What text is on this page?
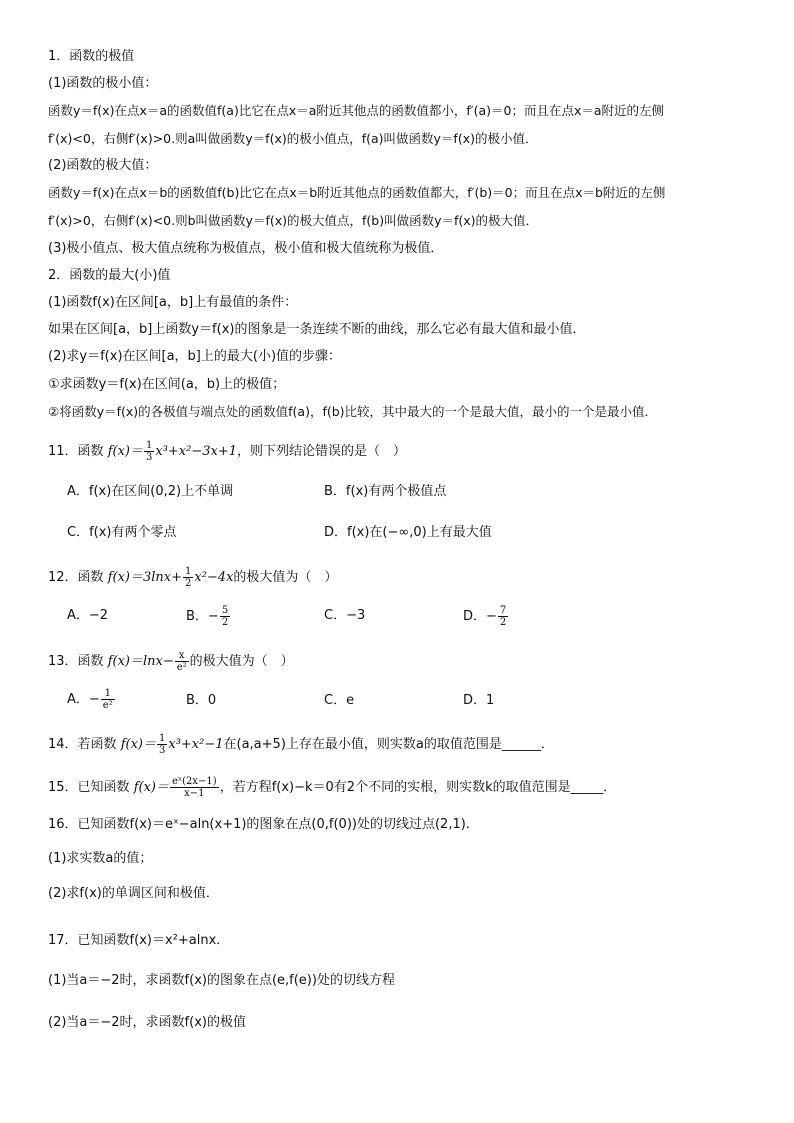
1．函数的极值
(1)函数的极小值：
函数y＝f(x)在点x＝a的函数值f(a)比它在点x＝a附近其他点的函数值都小，f′(a)＝0；而且在点x＝a附近的左侧
f′(x)<0，右侧f′(x)>0.则a叫做函数y＝f(x)的极小值点，f(a)叫做函数y＝f(x)的极小值．
(2)函数的极大值：
函数y＝f(x)在点x＝b的函数值f(b)比它在点x＝b附近其他点的函数值都大，f′(b)＝0；而且在点x＝b附近的左侧
f′(x)>0，右侧f′(x)<0.则b叫做函数y＝f(x)的极大值点，f(b)叫做函数y＝f(x)的极大值．
(3)极小值点、极大值点统称为极值点，极小值和极大值统称为极值．
2．函数的最大(小)值
(1)函数f(x)在区间[a，b]上有最值的条件：
如果在区间[a，b]上函数y＝f(x)的图象是一条连续不断的曲线，那么它必有最大值和最小值．
(2)求y＝f(x)在区间[a，b]上的最大(小)值的步骤：
①求函数y＝f(x)在区间(a，b)上的极值；
②将函数y＝f(x)的各极值与端点处的函数值f(a)，f(b)比较，其中最大的一个是最大值，最小的一个是最小值．
11．函数 $f(x)= \frac{1}{3} x^3+x^2-3x+1$，则下列结论错误的是（　）
A．f(x)在区间(0,2)上不单调	B．f(x)有两个极值点
C．f(x)有两个零点	D．f(x)在(−∞,0)上有最大值
12．函数 $f(x)=3\ln x+ \frac{1}{2} x^2-4x$的极大值为（　）
A．−2	B．− $\frac{5}{2}$	C．−3	D．− $\frac{7}{2}$
13．函数 $f(x)=\ln x- \frac{x}{\text{e²}}$ 的极大值为（　）
A．− $\frac{1}{\text{e²}}$	B．0	C．e	D．1
14．若函数 $f(x)= \frac{1}{3} x^3+x^2-1$在(a,a+5)上存在最小值，则实数a的取值范围是______．
15．已知函数 $f(x)= \frac{\text{eˣ(2x−1)}}{x-1}$ ，若方程f(x)−k＝0有2个不同的实根，则实数k的取值范围是_____．
16．已知函数f(x)＝eˣ−aln(x+1)的图象在点(0,f(0))处的切线过点(2,1)．
(1)求实数a的值；
(2)求f(x)的单调区间和极值．
17．已知函数f(x)＝x²+alnx．
(1)当a＝−2时，求函数f(x)的图象在点(e,f(e))处的切线方程
(2)当a＝−2时，求函数f(x)的极值
